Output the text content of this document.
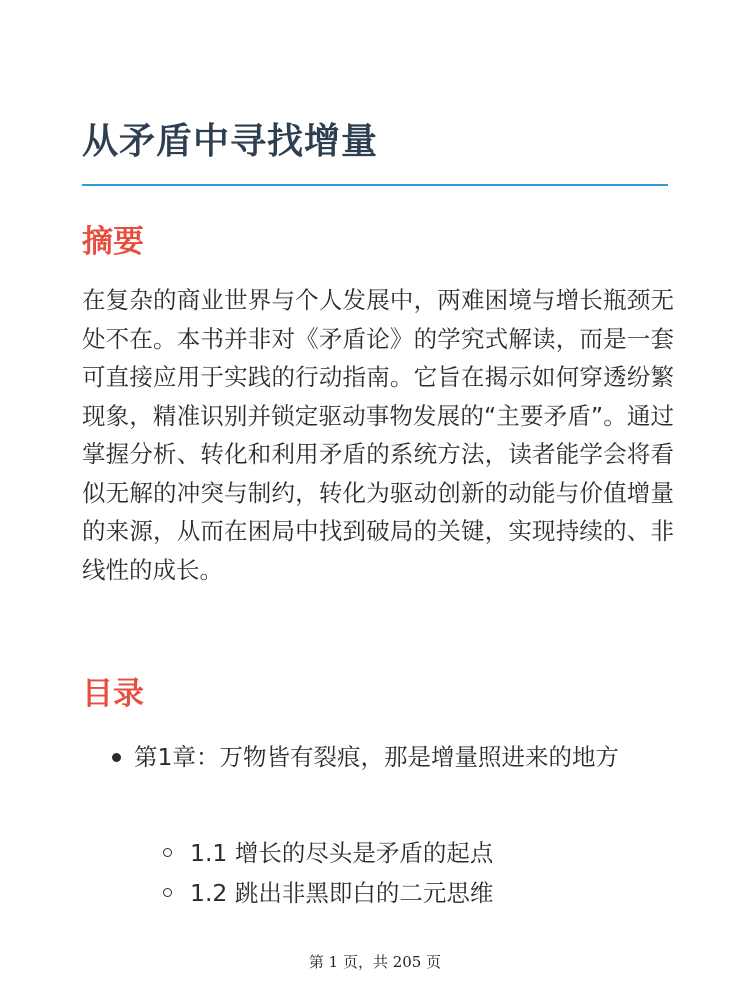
从矛盾中寻找增量
摘要

在复杂的商业世界与个人发展中，两难困境与增长瓶颈无处不在。本书并非对《矛盾论》的学究式解读，而是一套可直接应用于实践的行动指南。它旨在揭示如何穿透纷繁现象，精准识别并锁定驱动事物发展的“主要矛盾”。通过掌握分析、转化和利用矛盾的系统方法，读者能学会将看似无解的冲突与制约，转化为驱动创新的动能与价值增量的来源，从而在困局中找到破局的关键，实现持续的、非线性的成长。

目录
第1章：万物皆有裂痕，那是增量照进来的地方
1.1 增长的尽头是矛盾的起点
1.2 跳出非黑即白的二元思维
第 1 页，共 205 页
